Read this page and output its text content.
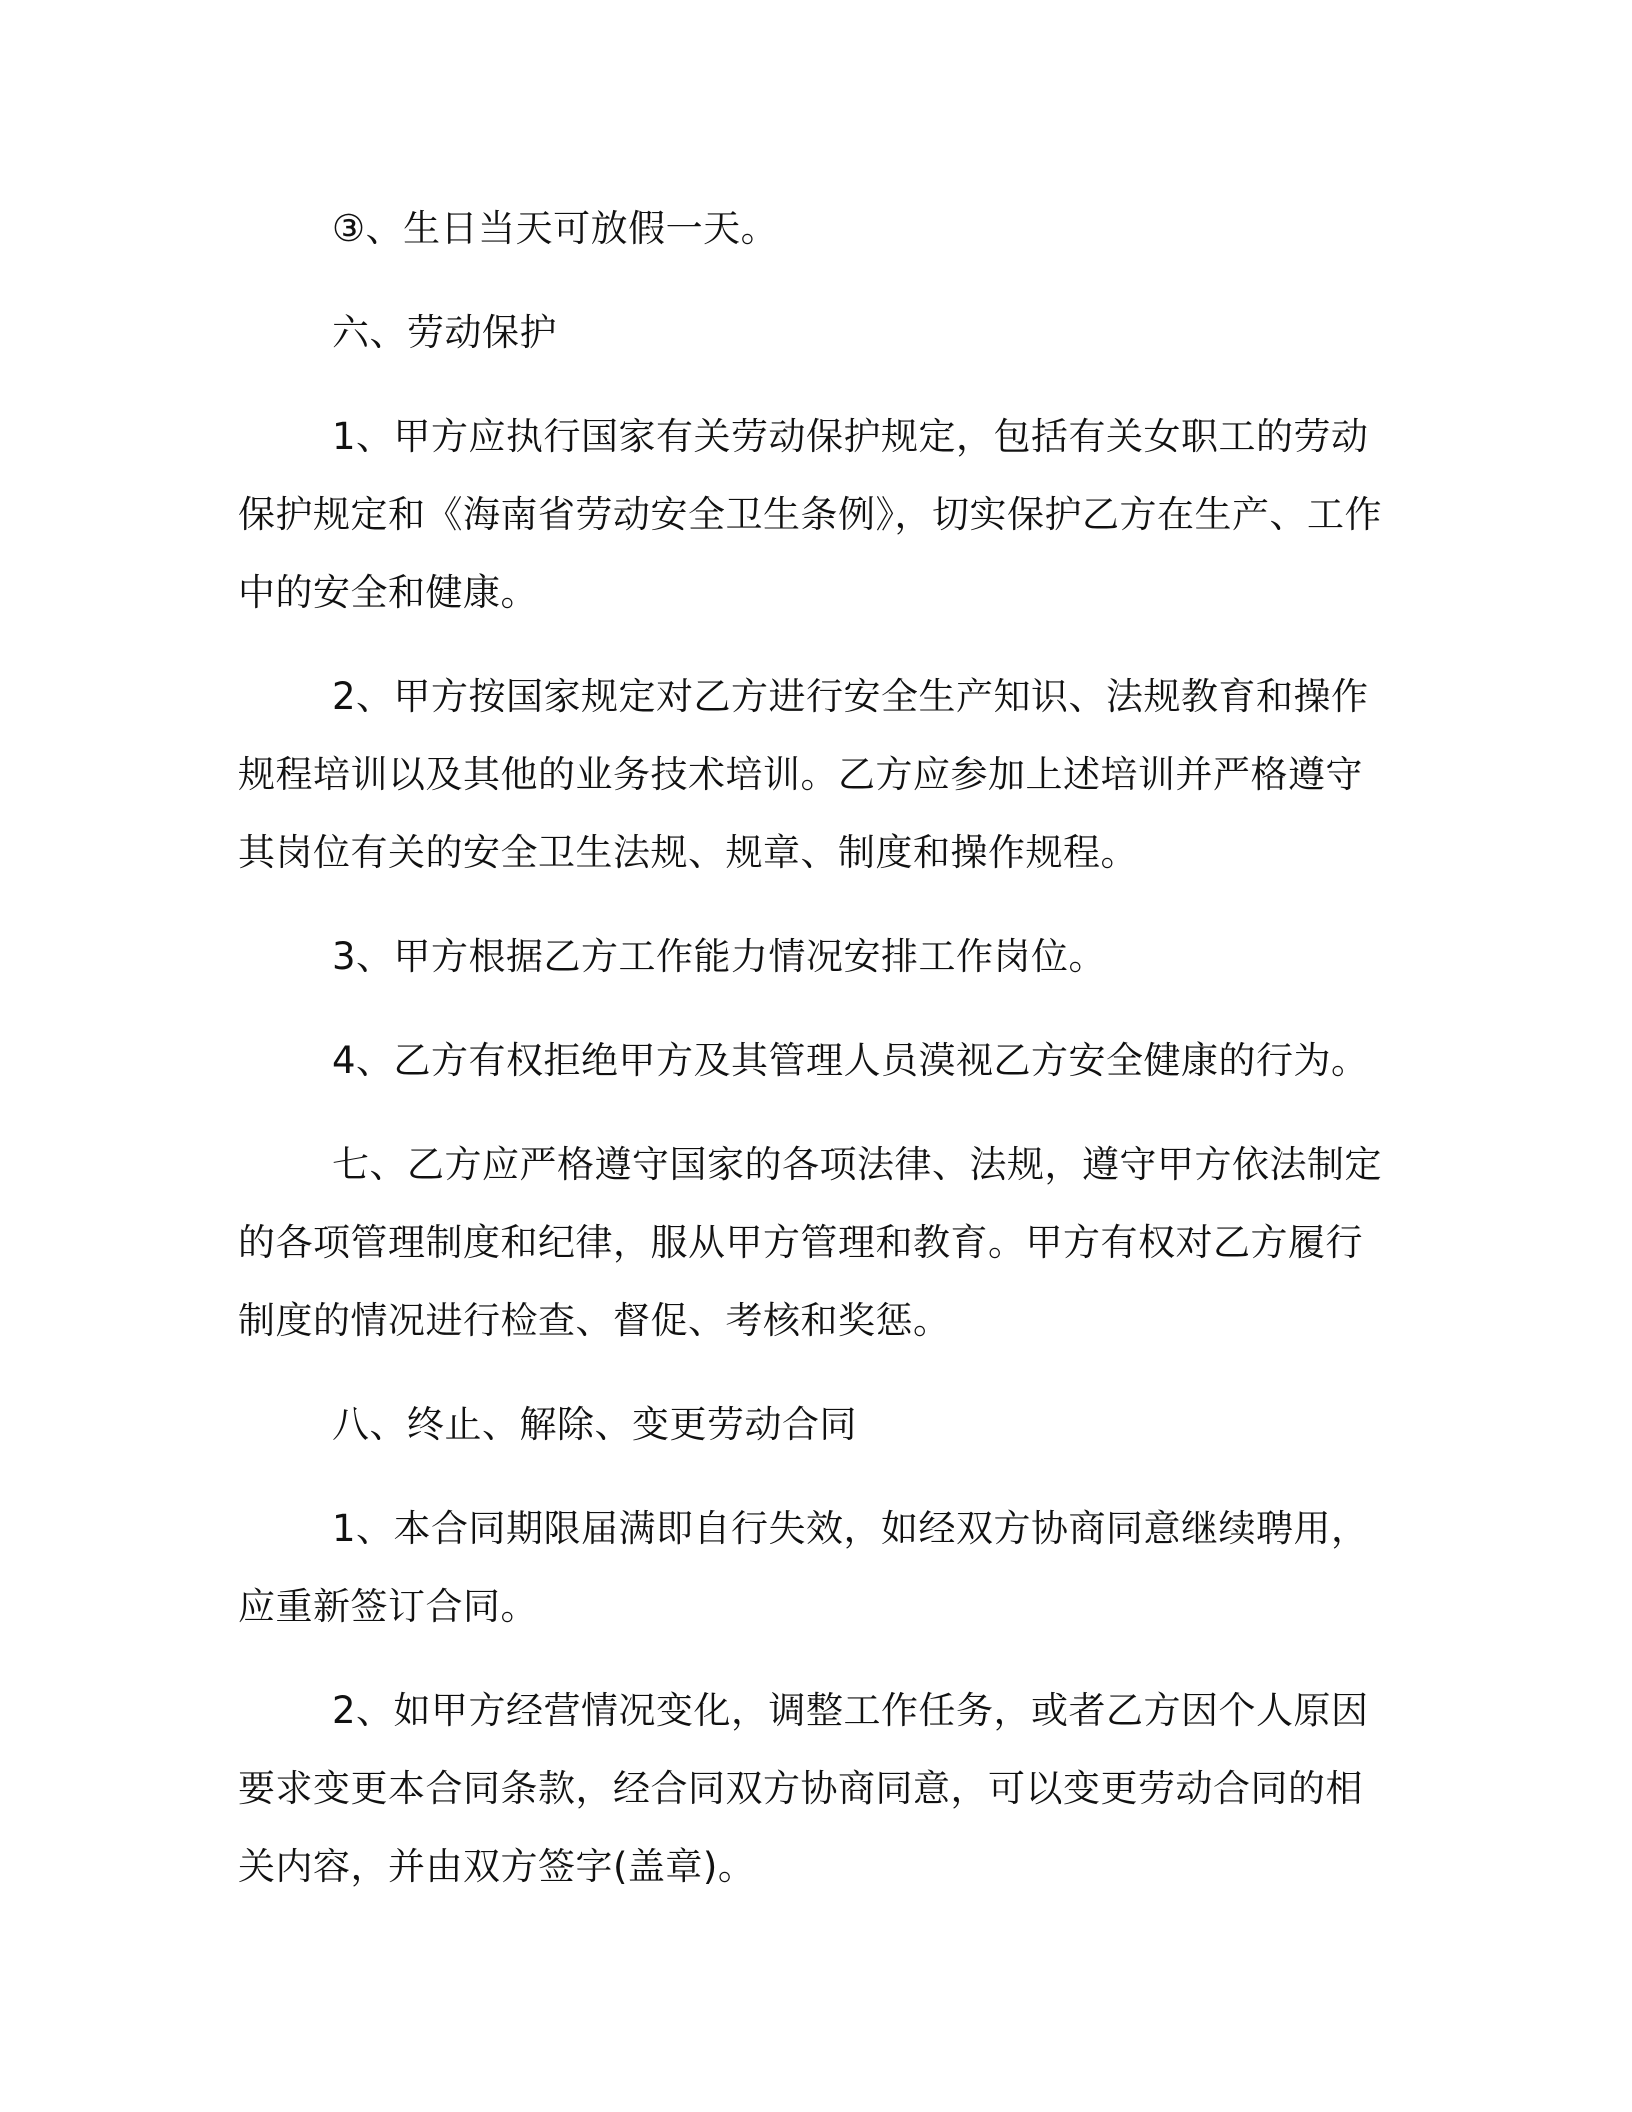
③、生日当天可放假一天。

六、劳动保护

1、甲方应执行国家有关劳动保护规定，包括有关女职工的劳动保护规定和《海南省劳动安全卫生条例》，切实保护乙方在生产、工作中的安全和健康。

2、甲方按国家规定对乙方进行安全生产知识、法规教育和操作规程培训以及其他的业务技术培训。乙方应参加上述培训并严格遵守其岗位有关的安全卫生法规、规章、制度和操作规程。

3、甲方根据乙方工作能力情况安排工作岗位。

4、乙方有权拒绝甲方及其管理人员漠视乙方安全健康的行为。

七、乙方应严格遵守国家的各项法律、法规，遵守甲方依法制定的各项管理制度和纪律，服从甲方管理和教育。甲方有权对乙方履行制度的情况进行检查、督促、考核和奖惩。

八、终止、解除、变更劳动合同

1、本合同期限届满即自行失效，如经双方协商同意继续聘用，应重新签订合同。

2、如甲方经营情况变化，调整工作任务，或者乙方因个人原因要求变更本合同条款，经合同双方协商同意，可以变更劳动合同的相关内容，并由双方签字(盖章)。
